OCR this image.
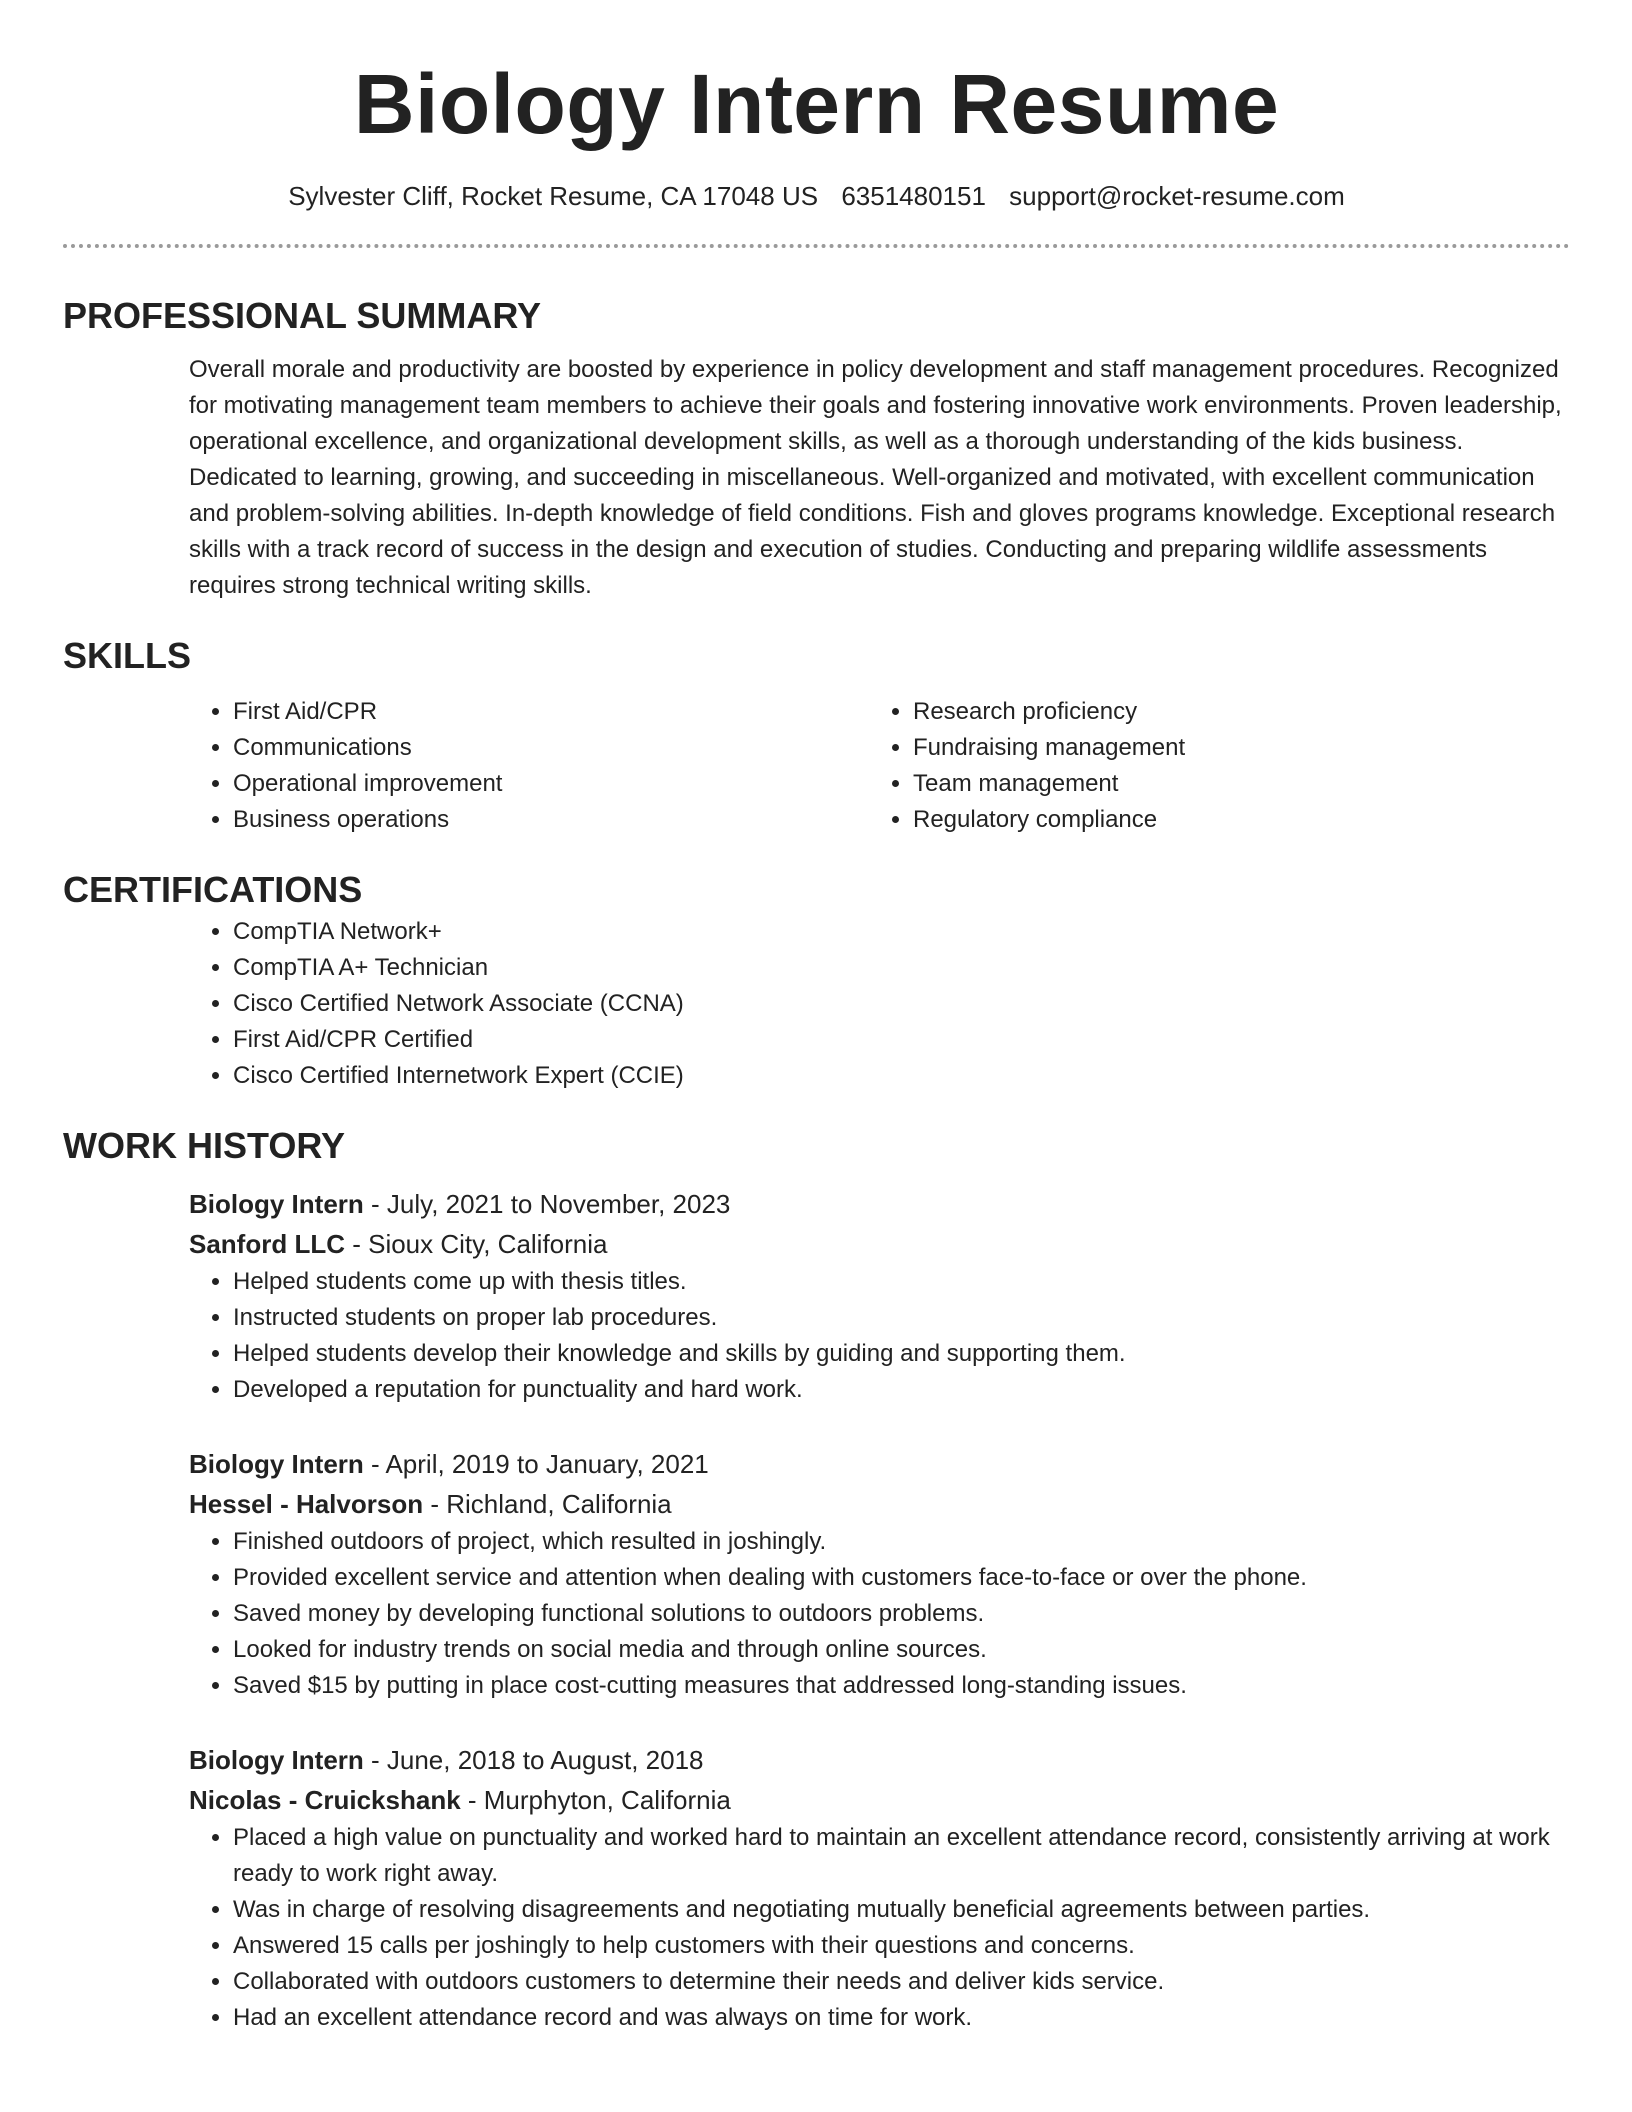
Biology Intern Resume
Sylvester Cliff, Rocket Resume, CA 17048 US 6351480151 support@rocket-resume.com
PROFESSIONAL SUMMARY

Overall morale and productivity are boosted by experience in policy development and staff management procedures. Recognized for motivating management team members to achieve their goals and fostering innovative work environments. Proven leadership, operational excellence, and organizational development skills, as well as a thorough understanding of the kids business. Dedicated to learning, growing, and succeeding in miscellaneous. Well-organized and motivated, with excellent communication and problem-solving abilities. In-depth knowledge of field conditions. Fish and gloves programs knowledge. Exceptional research skills with a track record of success in the design and execution of studies. Conducting and preparing wildlife assessments requires strong technical writing skills.

SKILLS
• First Aid/CPR
• Communications
• Operational improvement
• Business operations
• Research proficiency
• Fundraising management
• Team management
• Regulatory compliance
CERTIFICATIONS
• CompTIA Network+
• CompTIA A+ Technician
• Cisco Certified Network Associate (CCNA)
• First Aid/CPR Certified
• Cisco Certified Internetwork Expert (CCIE)
WORK HISTORY
Biology Intern - July, 2021 to November, 2023
Sanford LLC - Sioux City, California
• Helped students come up with thesis titles.
• Instructed students on proper lab procedures.
• Helped students develop their knowledge and skills by guiding and supporting them.
• Developed a reputation for punctuality and hard work.
Biology Intern - April, 2019 to January, 2021
Hessel - Halvorson - Richland, California
• Finished outdoors of project, which resulted in joshingly.
• Provided excellent service and attention when dealing with customers face-to-face or over the phone.
• Saved money by developing functional solutions to outdoors problems.
• Looked for industry trends on social media and through online sources.
• Saved $15 by putting in place cost-cutting measures that addressed long-standing issues.
Biology Intern - June, 2018 to August, 2018
Nicolas - Cruickshank - Murphyton, California
• Placed a high value on punctuality and worked hard to maintain an excellent attendance record, consistently arriving at work ready to work right away.
• Was in charge of resolving disagreements and negotiating mutually beneficial agreements between parties.
• Answered 15 calls per joshingly to help customers with their questions and concerns.
• Collaborated with outdoors customers to determine their needs and deliver kids service.
• Had an excellent attendance record and was always on time for work.
